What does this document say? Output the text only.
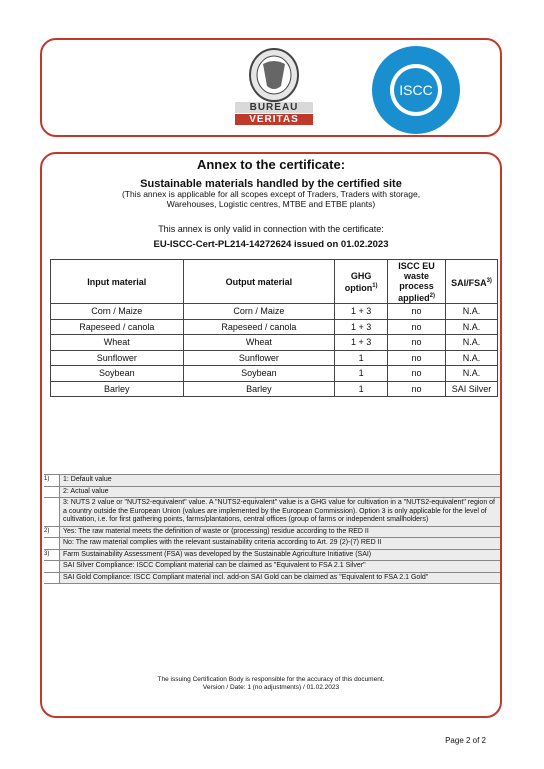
BUREAU
VERITAS
ISCC
Annex to the certificate:
Sustainable materials handled by the certified site
(This annex is applicable for all scopes except of Traders, Traders with storage, Warehouses, Logistic centres, MTBE and ETBE plants)
This annex is only valid in connection with the certificate:
EU-ISCC-Cert-PL214-14272624 issued on 01.02.2023
Input material	Output material	GHG option$^{1)}$	ISCC EU waste process applied$^{2)}$	SAI/FSA$^{3)}$
Corn / Maize	Corn / Maize	1 + 3	no	N.A.
Rapeseed / canola	Rapeseed / canola	1 + 3	no	N.A.
Wheat	Wheat	1 + 3	no	N.A.
Sunflower	Sunflower	1	no	N.A.
Soybean	Soybean	1	no	N.A.
Barley	Barley	1	no	SAI Silver
1)	1: Default value
2: Actual value
3: NUTS 2 value or "NUTS2-equivalent" value. A "NUTS2-equivalent" value is a GHG value for cultivation in a "NUTS2-equivalent" region of a country outside the European Union (values are implemented by the European Commission). Option 3 is only applicable for the level of cultivation, i.e. for first gathering points, farms/plantations, central offices (group of farms or independent smallholders)
2)	Yes: The raw material meets the definition of waste or (processing) residue according to the RED II
No: The raw material complies with the relevant sustainability criteria according to Art. 29 (2)-(7) RED II
3)	Farm Sustainability Assessment (FSA) was developed by the Sustainable Agriculture Initiative (SAI)
SAI Silver Compliance: ISCC Compliant material can be claimed as "Equivalent to FSA 2.1 Silver"
SAI Gold Compliance: ISCC Compliant material incl. add-on SAI Gold can be claimed as "Equivalent to FSA 2.1 Gold"
The issuing Certification Body is responsible for the accuracy of this document.
Version / Date: 1 (no adjustments) / 01.02.2023
Page 2 of 2
